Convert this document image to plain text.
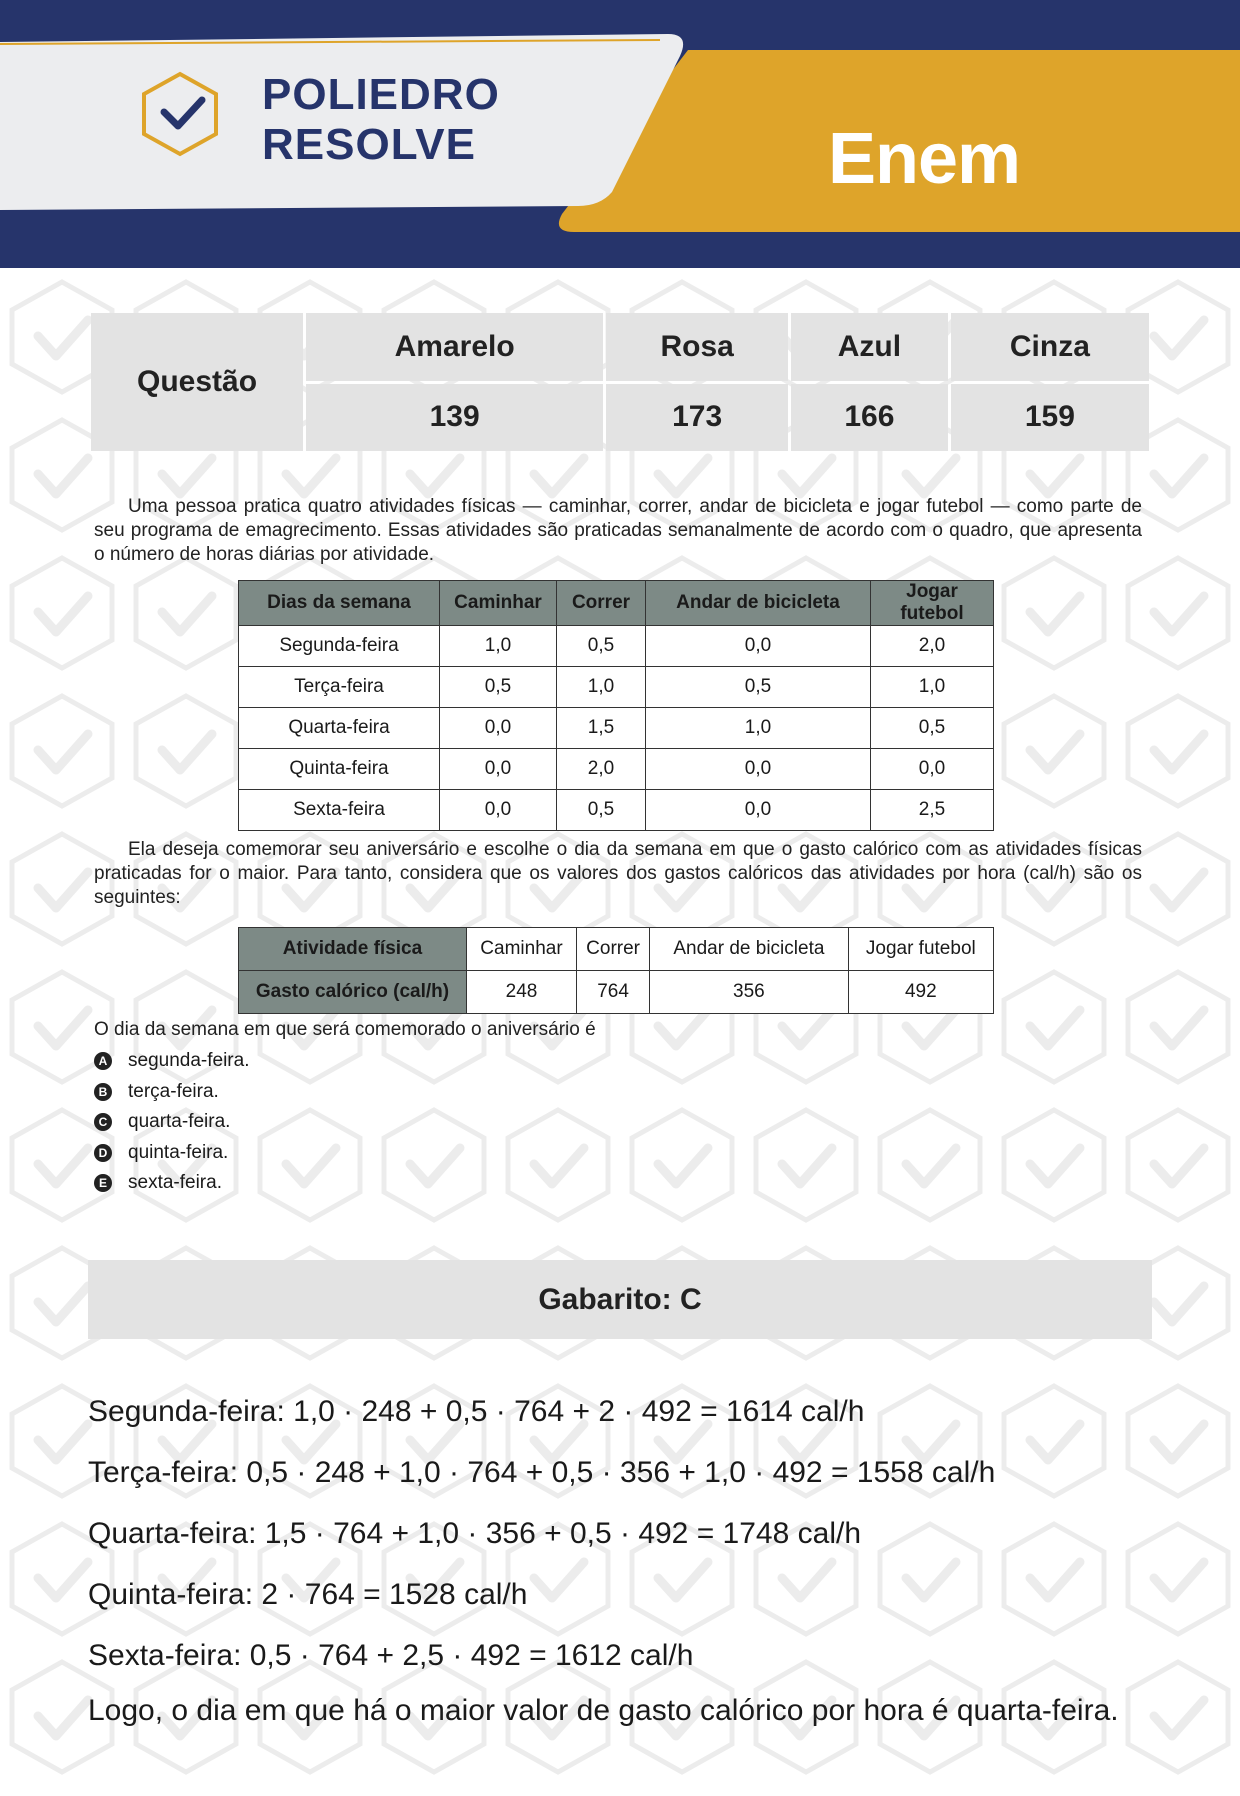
POLIEDRO
RESOLVE	Enem
Questão	Amarelo	Rosa	Azul	Cinza
	139	173	166	159
Uma pessoa pratica quatro atividades físicas — caminhar, correr, andar de bicicleta e jogar futebol — como parte de seu programa de emagrecimento. Essas atividades são praticadas semanalmente de acordo com o quadro, que apresenta o número de horas diárias por atividade.
Dias da semana	Caminhar	Correr	Andar de bicicleta	Jogar futebol
Segunda-feira	1,0	0,5	0,0	2,0
Terça-feira	0,5	1,0	0,5	1,0
Quarta-feira	0,0	1,5	1,0	0,5
Quinta-feira	0,0	2,0	0,0	0,0
Sexta-feira	0,0	0,5	0,0	2,5
Ela deseja comemorar seu aniversário e escolhe o dia da semana em que o gasto calórico com as atividades físicas praticadas for o maior. Para tanto, considera que os valores dos gastos calóricos das atividades por hora (cal/h) são os seguintes:
Atividade física	Caminhar	Correr	Andar de bicicleta	Jogar futebol
Gasto calórico (cal/h)	248	764	356	492
O dia da semana em que será comemorado o aniversário é
A segunda-feira.
B terça-feira.
C quarta-feira.
D quinta-feira.
E sexta-feira.
Gabarito: C
Segunda-feira: 1,0 · 248 + 0,5 · 764 + 2 · 492 = 1614 cal/h
Terça-feira: 0,5 · 248 + 1,0 · 764 + 0,5 · 356 + 1,0 · 492 = 1558 cal/h
Quarta-feira: 1,5 · 764 + 1,0 · 356 + 0,5 · 492 = 1748 cal/h
Quinta-feira: 2 · 764 = 1528 cal/h
Sexta-feira: 0,5 · 764 + 2,5 · 492 = 1612 cal/h
Logo, o dia em que há o maior valor de gasto calórico por hora é quarta-feira.
